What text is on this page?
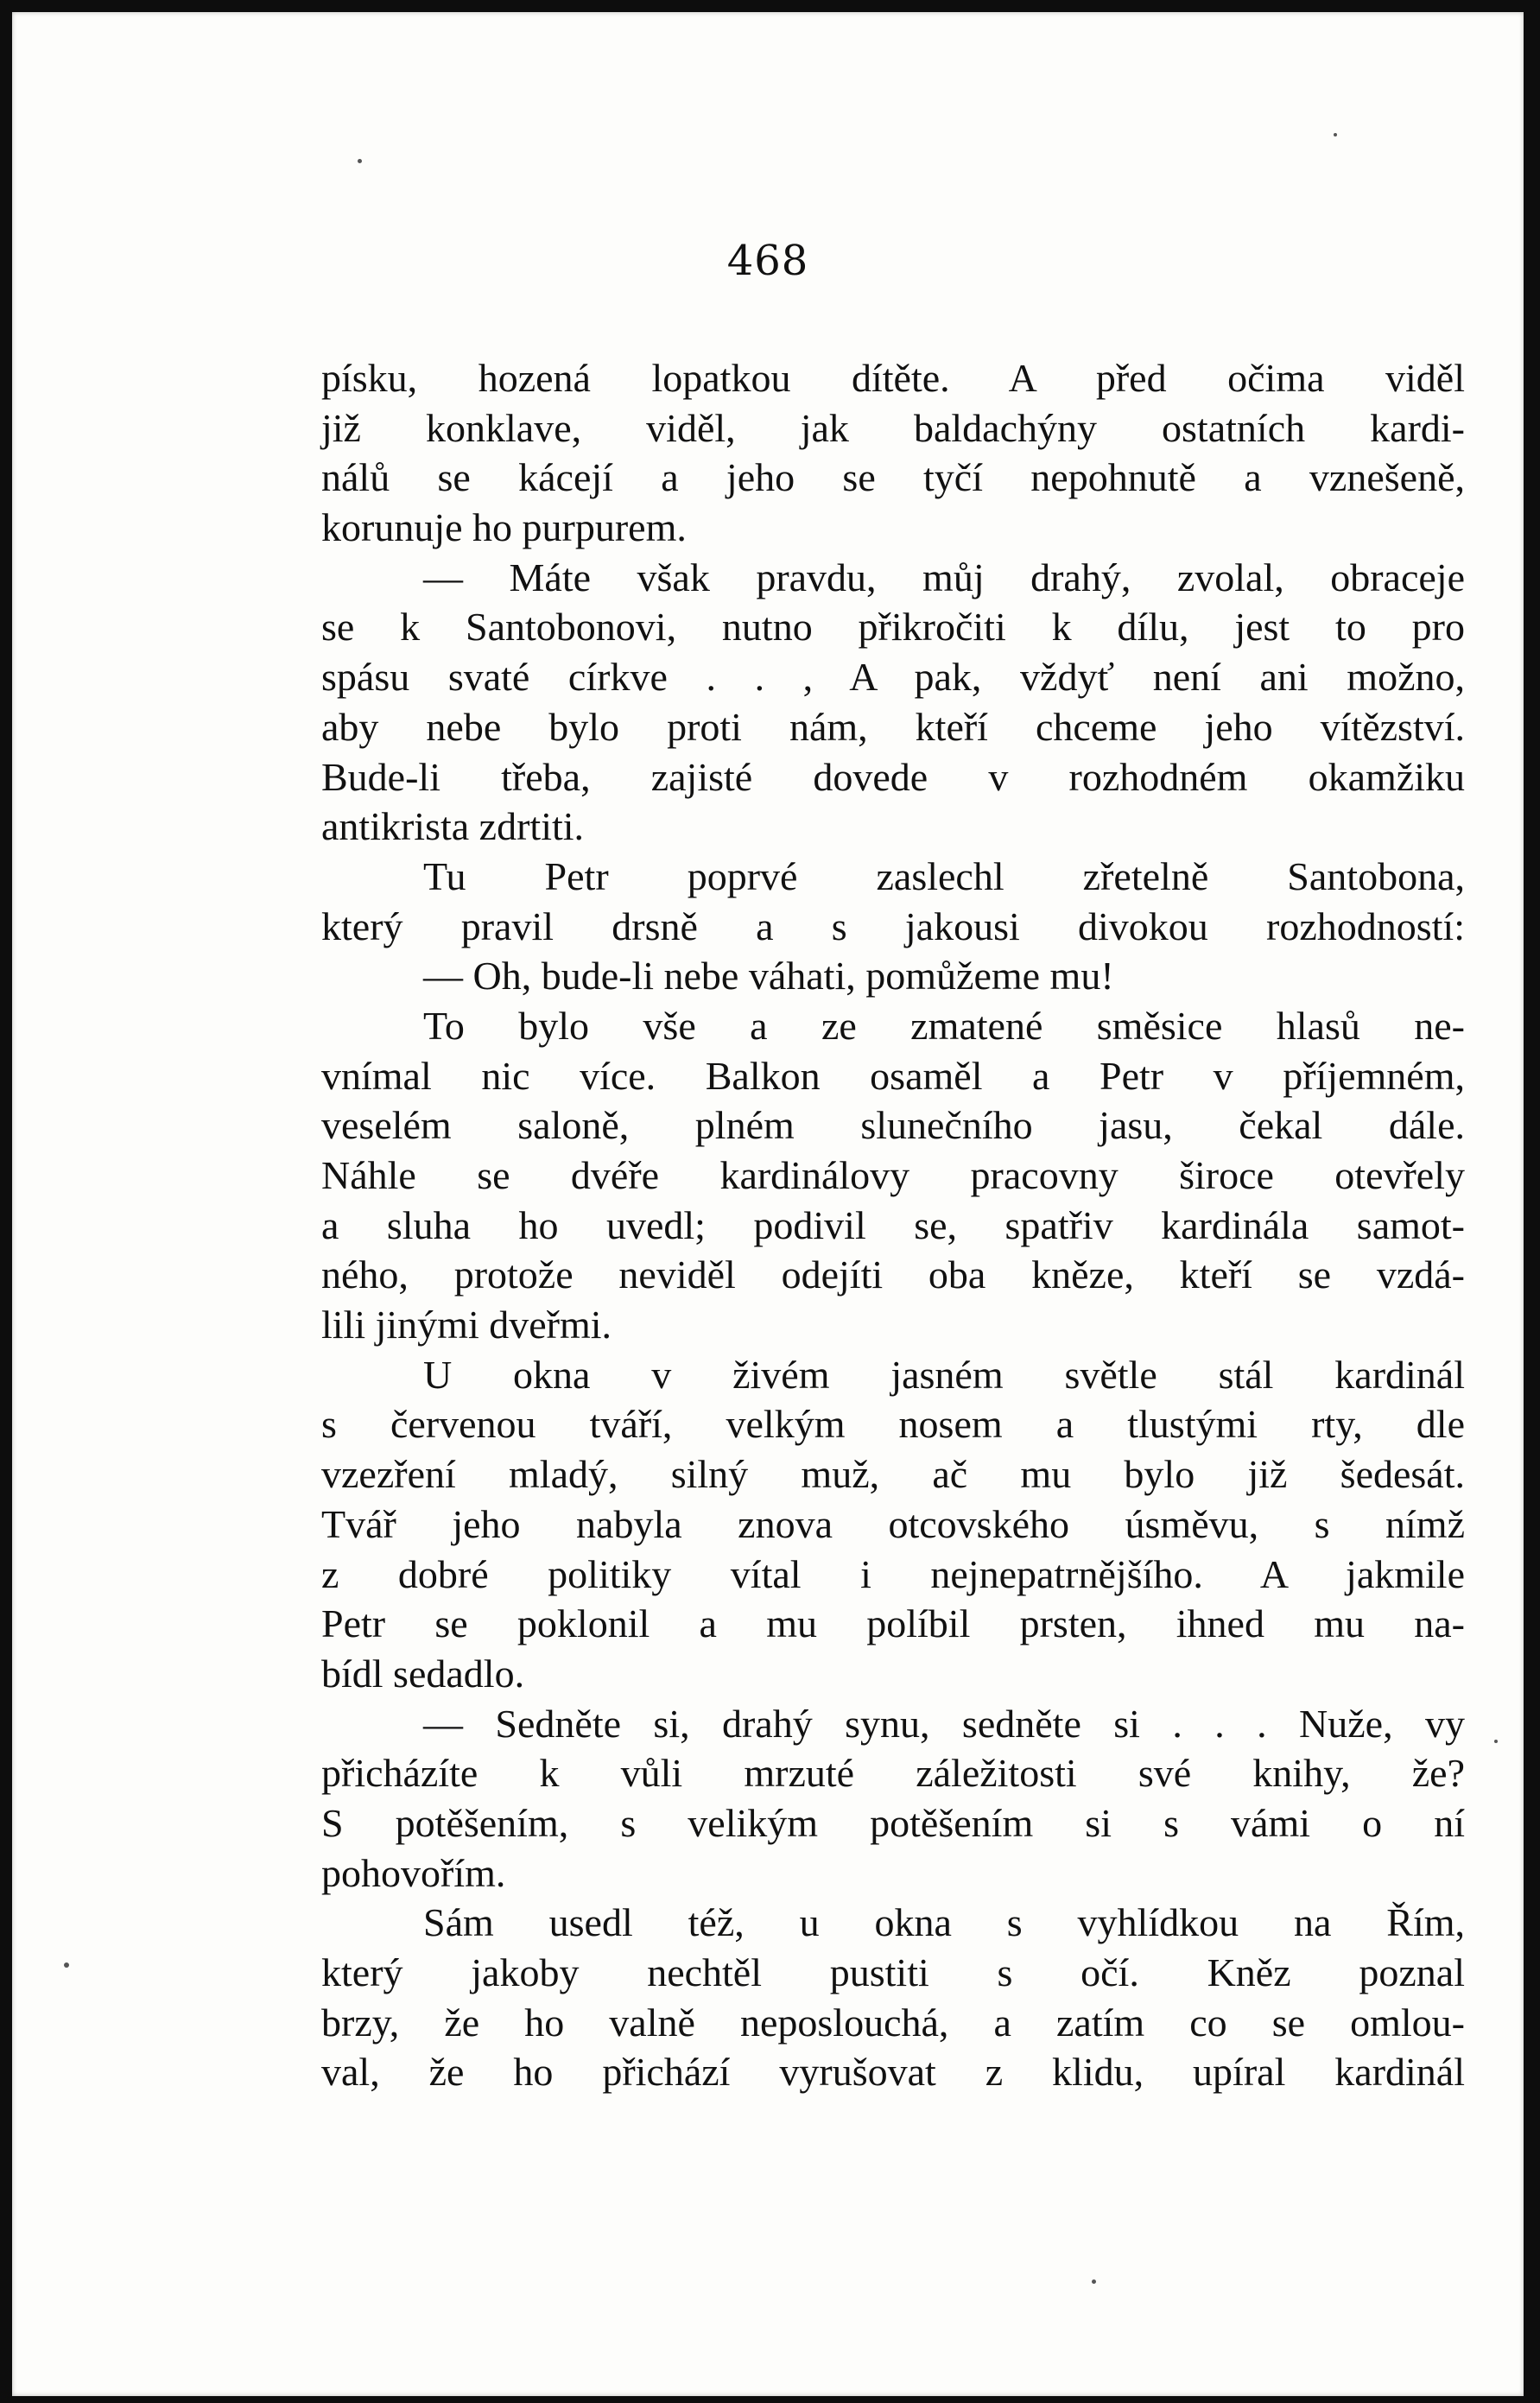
468
písku, hozená lopatkou dítěte. A před očima viděl
již konklave, viděl, jak baldachýny ostatních kardi-
nálů se kácejí a jeho se tyčí nepohnutě a vznešeně,
korunuje ho purpurem.
— Máte však pravdu, můj drahý, zvolal, obraceje
se k Santobonovi, nutno přikročiti k dílu, jest to pro
spásu svaté církve . . , A pak, vždyť není ani možno,
aby nebe bylo proti nám, kteří chceme jeho vítězství.
Bude-li třeba, zajisté dovede v rozhodném okamžiku
antikrista zdrtiti.
Tu Petr poprvé zaslechl zřetelně Santobona,
který pravil drsně a s jakousi divokou rozhodností:
— Oh, bude-li nebe váhati, pomůžeme mu!
To bylo vše a ze zmatené směsice hlasů ne-
vnímal nic více. Balkon osaměl a Petr v příjemném,
veselém saloně, plném slunečního jasu, čekal dále.
Náhle se dvéře kardinálovy pracovny široce otevřely
a sluha ho uvedl; podivil se, spatřiv kardinála samot-
ného, protože neviděl odejíti oba kněze, kteří se vzdá-
lili jinými dveřmi.
U okna v živém jasném světle stál kardinál
s červenou tváří, velkým nosem a tlustými rty, dle
vzezření mladý, silný muž, ač mu bylo již šedesát.
Tvář jeho nabyla znova otcovského úsměvu, s nímž
z dobré politiky vítal i nejnepatrnějšího. A jakmile
Petr se poklonil a mu políbil prsten, ihned mu na-
bídl sedadlo.
— Sedněte si, drahý synu, sedněte si . . . Nuže, vy
přicházíte k vůli mrzuté záležitosti své knihy, že?
S potěšením, s velikým potěšením si s vámi o ní
pohovořím.
Sám usedl též, u okna s vyhlídkou na Řím,
který jakoby nechtěl pustiti s očí. Kněz poznal
brzy, že ho valně neposlouchá, a zatím co se omlou-
val, že ho přichází vyrušovat z klidu, upíral kardinál
